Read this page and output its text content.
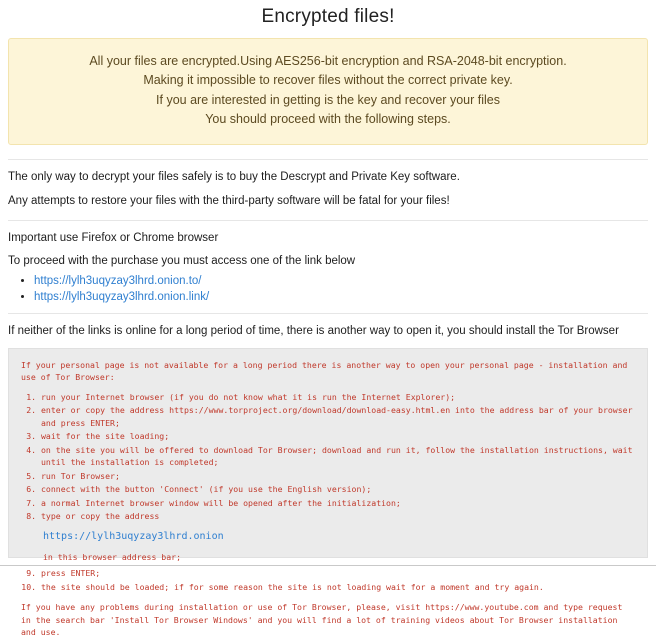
Encrypted files!
All your files are encrypted.Using AES256-bit encryption and RSA-2048-bit encryption.
Making it impossible to recover files without the correct private key.
If you are interested in getting is the key and recover your files
You should proceed with the following steps.

The only way to decrypt your files safely is to buy the Descrypt and Private Key software.

Any attempts to restore your files with the third-party software will be fatal for your files!

Important use Firefox or Chrome browser

To proceed with the purchase you must access one of the link below

• https://lylh3uqyzay3lhrd.onion.to/
• https://lylh3uqyzay3lhrd.onion.link/

If neither of the links is online for a long period of time, there is another way to open it, you should install the Tor Browser

If your personal page is not available for a long period there is another way to open your personal page - installation and use of Tor Browser:
1. run your Internet browser (if you do not know what it is run the Internet Explorer);
2. enter or copy the address https://www.torproject.org/download/download-easy.html.en into the address bar of your browser and press ENTER;
3. wait for the site loading;
4. on the site you will be offered to download Tor Browser; download and run it, follow the installation instructions, wait until the installation is completed;
5. run Tor Browser;
6. connect with the button 'Connect' (if you use the English version);
7. a normal Internet browser window will be opened after the initialization;
8. type or copy the address
https://lylh3uqyzay3lhrd.onion
in this browser address bar;
9. press ENTER;
10. the site should be loaded; if for some reason the site is not loading wait for a moment and try again.
If you have any problems during installation or use of Tor Browser, please, visit https://www.youtube.com and type request in the search bar 'Install Tor Browser Windows' and you will find a lot of training videos about Tor Browser installation and use.
